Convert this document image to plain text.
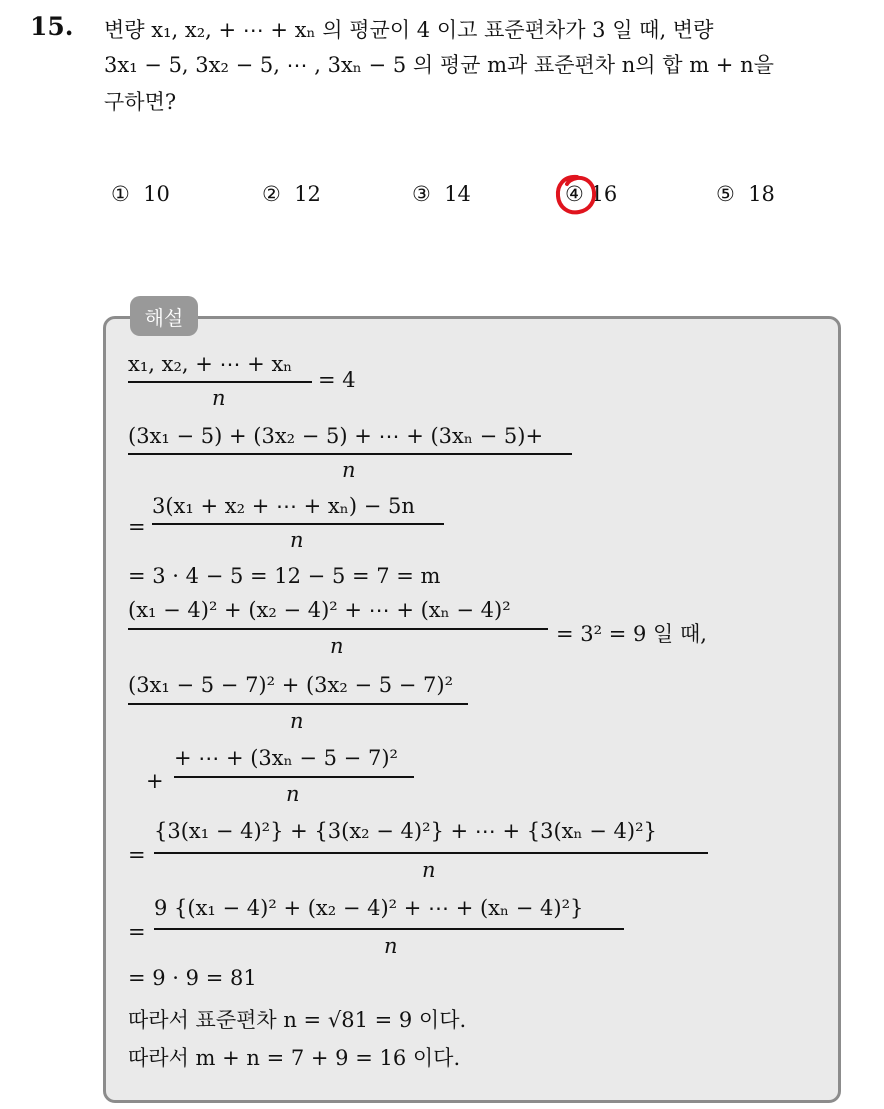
15. 변량 x₁, x₂, + ⋯ + xₙ 의 평균이 4 이고 표준편차가 3 일 때, 변량
3x₁ − 5, 3x₂ − 5, ⋯ , 3xₙ − 5 의 평균 m과 표준편차 n의 합 m + n을
구하면?
① 10	② 12	③ 14	④ 16	⑤ 18
해설
x₁, x₂, + ⋯ + xₙ
n
= 4
(3x₁ − 5) + (3x₂ − 5) + ⋯ + (3xₙ − 5)+
n
=
3(x₁ + x₂ + ⋯ + xₙ) − 5n
n
= 3 · 4 − 5 = 12 − 5 = 7 = m
(x₁ − 4)² + (x₂ − 4)² + ⋯ + (xₙ − 4)²
n	= 3² = 9 일 때,
(3x₁ − 5 − 7)² + (3x₂ − 5 − 7)²
n
+
+ ⋯ + (3xₙ − 5 − 7)²
n
=
{3(x₁ − 4)²} + {3(x₂ − 4)²} + ⋯ + {3(xₙ − 4)²}
n
=
9 {(x₁ − 4)² + (x₂ − 4)² + ⋯ + (xₙ − 4)²}
n
= 9 · 9 = 81
따라서 표준편차 n = √81 = 9 이다.
따라서 m + n = 7 + 9 = 16 이다.
